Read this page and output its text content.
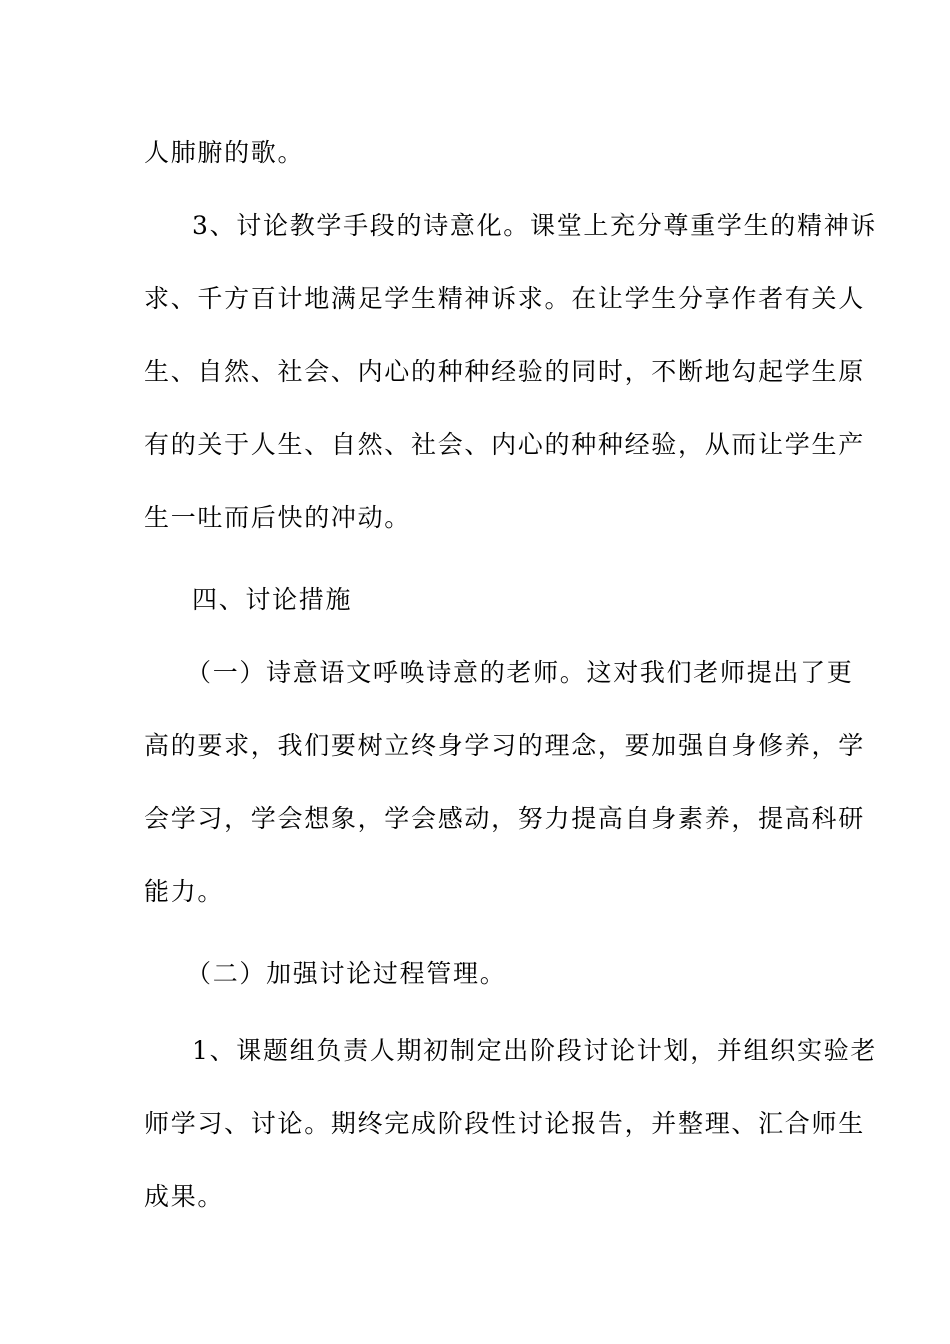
人肺腑的歌。

3、讨论教学手段的诗意化。课堂上充分尊重学生的精神诉

求、千方百计地满足学生精神诉求。在让学生分享作者有关人

生、自然、社会、内心的种种经验的同时，不断地勾起学生原

有的关于人生、自然、社会、内心的种种经验，从而让学生产

生一吐而后快的冲动。

四、讨论措施

（一）诗意语文呼唤诗意的老师。这对我们老师提出了更

高的要求，我们要树立终身学习的理念，要加强自身修养，学

会学习，学会想象，学会感动，努力提高自身素养，提高科研

能力。

（二）加强讨论过程管理。

1、课题组负责人期初制定出阶段讨论计划，并组织实验老

师学习、讨论。期终完成阶段性讨论报告，并整理、汇合师生

成果。
